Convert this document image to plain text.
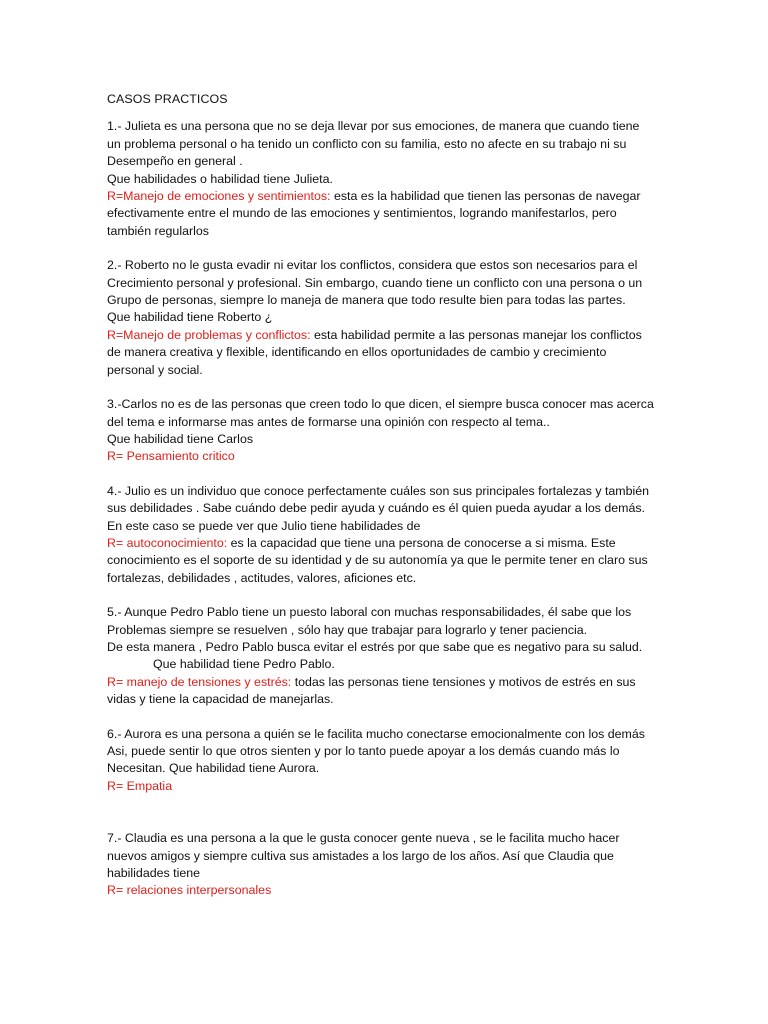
CASOS PRACTICOS

1.- Julieta es una persona que no se deja llevar por sus emociones, de manera que cuando tiene
un problema personal o ha tenido un conflicto con su familia, esto no afecte en su trabajo ni su
Desempeño en general .
Que habilidades o habilidad tiene Julieta.
R=Manejo de emociones y sentimientos: esta es la habilidad que tienen las personas de navegar
efectivamente entre el mundo de las emociones y sentimientos, logrando manifestarlos, pero
también regularlos
2.- Roberto no le gusta evadir ni evitar los conflictos, considera que estos son necesarios para el
Crecimiento personal y profesional. Sin embargo, cuando tiene un conflicto con una persona o un
Grupo de personas, siempre lo maneja de manera que todo resulte bien para todas las partes.
Que habilidad tiene Roberto ¿
R=Manejo de problemas y conflictos: esta habilidad permite a las personas manejar los conflictos
de manera creativa y flexible, identificando en ellos oportunidades de cambio y crecimiento
personal y social.
3.-Carlos no es de las personas que creen todo lo que dicen, el siempre busca conocer mas acerca
del tema e informarse mas antes de formarse una opinión con respecto al tema..
Que habilidad tiene Carlos
R= Pensamiento critico
4.- Julio es un individuo que conoce perfectamente cuáles son sus principales fortalezas y también
sus debilidades . Sabe cuándo debe pedir ayuda y cuándo es él quien pueda ayudar a los demás.
En este caso se puede ver que Julio tiene habilidades de
R= autoconocimiento: es la capacidad que tiene una persona de conocerse a si misma. Este
conocimiento es el soporte de su identidad y de su autonomía ya que le permite tener en claro sus
fortalezas, debilidades , actitudes, valores, aficiones etc.
5.- Aunque Pedro Pablo tiene un puesto laboral con muchas responsabilidades, él sabe que los
Problemas siempre se resuelven , sólo hay que trabajar para lograrlo y tener paciencia.
De esta manera , Pedro Pablo busca evitar el estrés por que sabe que es negativo para su salud.
Que habilidad tiene Pedro Pablo.
R= manejo de tensiones y estrés: todas las personas tiene tensiones y motivos de estrés en sus
vidas y tiene la capacidad de manejarlas.
6.- Aurora es una persona a quién se le facilita mucho conectarse emocionalmente con los demás
Asi, puede sentir lo que otros sienten y por lo tanto puede apoyar a los demás cuando más lo
Necesitan. Que habilidad tiene Aurora.
R= Empatia
7.- Claudia es una persona a la que le gusta conocer gente nueva , se le facilita mucho hacer
nuevos amigos y siempre cultiva sus amistades a los largo de los años. Así que Claudia que
habilidades tiene
R= relaciones interpersonales
